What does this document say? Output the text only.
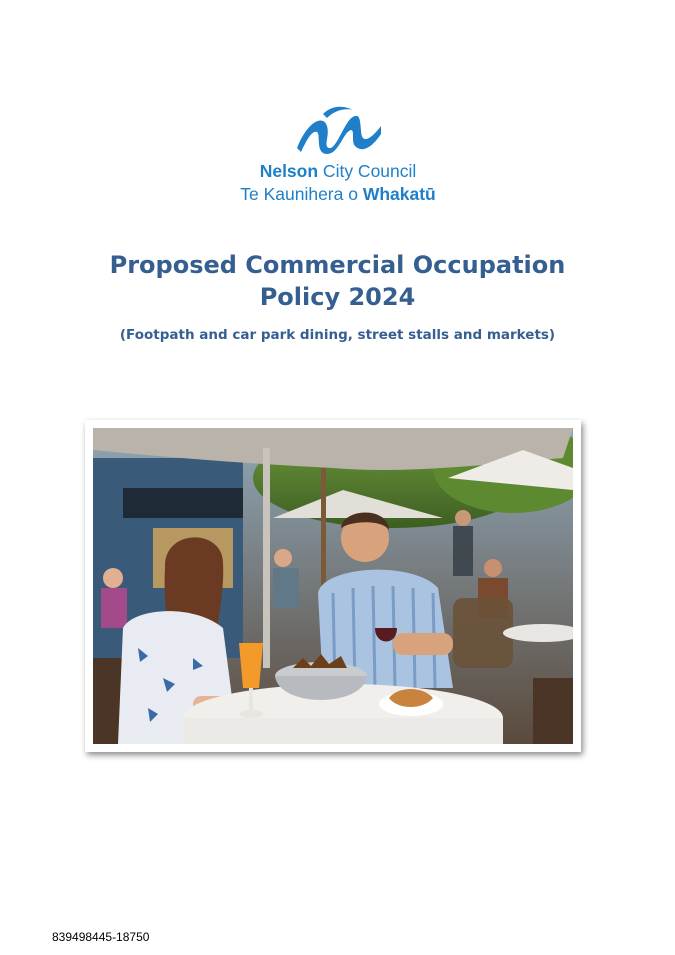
Nelson City Council
Te Kaunihera o Whakatū
Proposed Commercial Occupation
Policy 2024
(Footpath and car park dining, street stalls and markets)
839498445-18750
